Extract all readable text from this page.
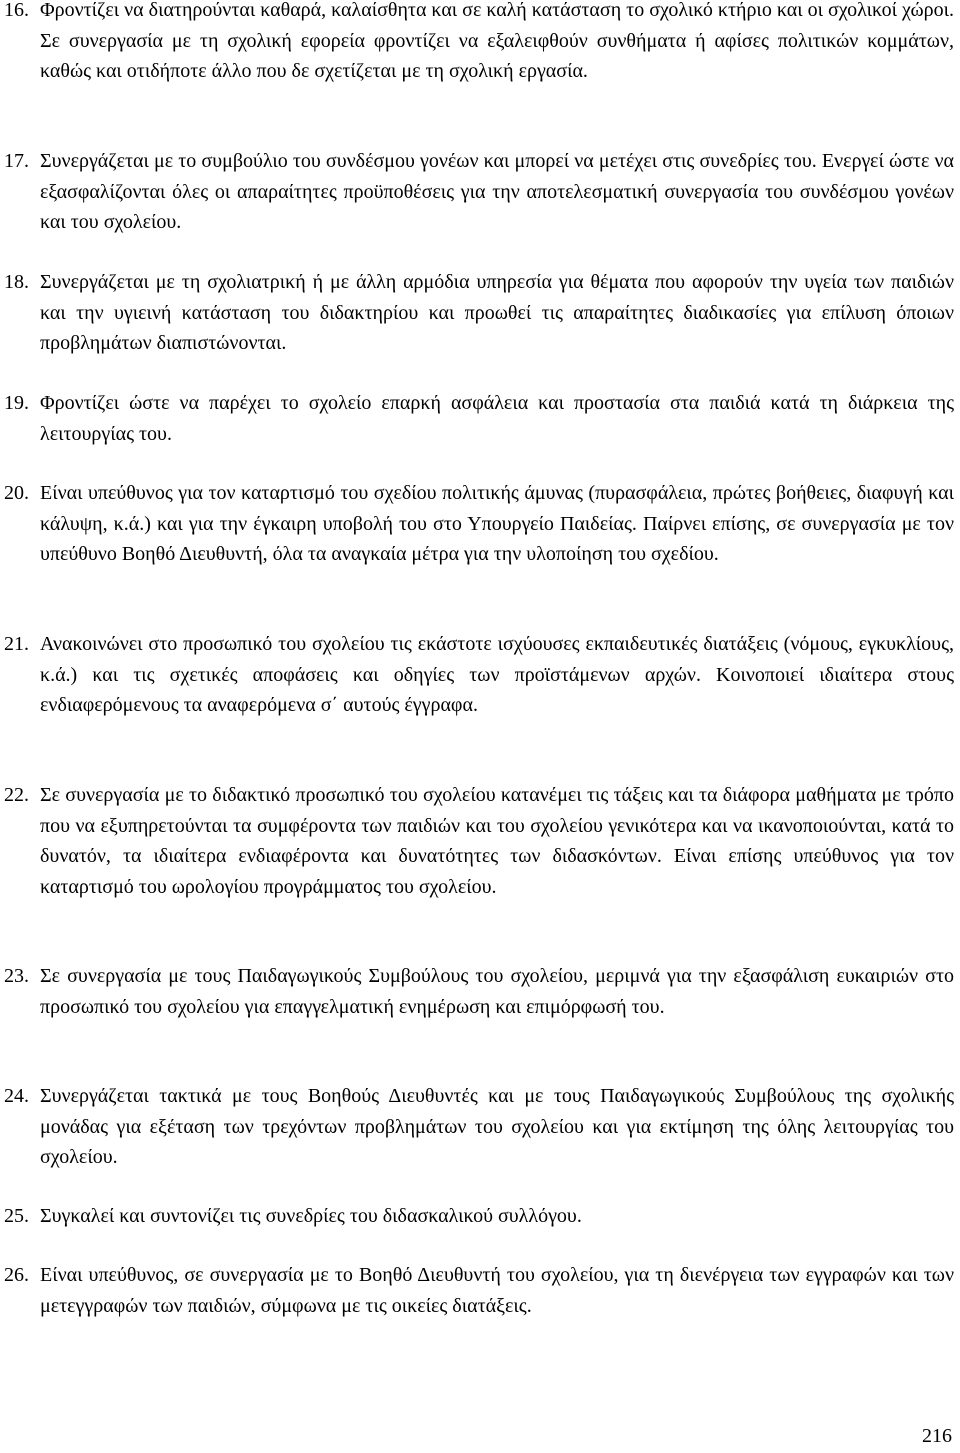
16. Φροντίζει να διατηρούνται καθαρά, καλαίσθητα και σε καλή κατάσταση το σχολικό κτήριο και οι σχολικοί χώροι. Σε συνεργασία με τη σχολική εφορεία φροντίζει να εξαλειφθούν συνθήματα ή αφίσες πολιτικών κομμάτων, καθώς και οτιδήποτε άλλο που δε σχετίζεται με τη σχολική εργασία.
17. Συνεργάζεται με το συμβούλιο του συνδέσμου γονέων και μπορεί να μετέχει στις συνεδρίες του. Ενεργεί ώστε να εξασφαλίζονται όλες οι απαραίτητες προϋποθέσεις για την αποτελεσματική συνεργασία του συνδέσμου γονέων και του σχολείου.
18. Συνεργάζεται με τη σχολιατρική ή με άλλη αρμόδια υπηρεσία για θέματα που αφορούν την υγεία των παιδιών και την υγιεινή κατάσταση του διδακτηρίου και προωθεί τις απαραίτητες διαδικασίες για επίλυση όποιων προβλημάτων διαπιστώνονται.
19. Φροντίζει ώστε να παρέχει το σχολείο επαρκή ασφάλεια και προστασία στα παιδιά κατά τη διάρκεια της λειτουργίας του.
20. Είναι υπεύθυνος για τον καταρτισμό του σχεδίου πολιτικής άμυνας (πυρασφάλεια, πρώτες βοήθειες, διαφυγή και κάλυψη, κ.ά.) και για την έγκαιρη υποβολή του στο Υπουργείο Παιδείας. Παίρνει επίσης, σε συνεργασία με τον υπεύθυνο Βοηθό Διευθυντή, όλα τα αναγκαία μέτρα για την υλοποίηση του σχεδίου.
21. Ανακοινώνει στο προσωπικό του σχολείου τις εκάστοτε ισχύουσες εκπαιδευτικές διατάξεις (νόμους, εγκυκλίους, κ.ά.) και τις σχετικές αποφάσεις και οδηγίες των προϊστάμενων αρχών. Κοινοποιεί ιδιαίτερα στους ενδιαφερόμενους τα αναφερόμενα σ΄ αυτούς έγγραφα.
22. Σε συνεργασία με το διδακτικό προσωπικό του σχολείου κατανέμει τις τάξεις και τα διάφορα μαθήματα με τρόπο που να εξυπηρετούνται τα συμφέροντα των παιδιών και του σχολείου γενικότερα και να ικανοποιούνται, κατά το δυνατόν, τα ιδιαίτερα ενδιαφέροντα και δυνατότητες των διδασκόντων. Είναι επίσης υπεύθυνος για τον καταρτισμό του ωρολογίου προγράμματος του σχολείου.
23. Σε συνεργασία με τους Παιδαγωγικούς Συμβούλους του σχολείου, μεριμνά για την εξασφάλιση ευκαιριών στο προσωπικό του σχολείου για επαγγελματική ενημέρωση και επιμόρφωσή του.
24. Συνεργάζεται τακτικά με τους Βοηθούς Διευθυντές και με τους Παιδαγωγικούς Συμβούλους της σχολικής μονάδας για εξέταση των τρεχόντων προβλημάτων του σχολείου και για εκτίμηση της όλης λειτουργίας του σχολείου.
25. Συγκαλεί και συντονίζει τις συνεδρίες του διδασκαλικού συλλόγου.
26. Είναι υπεύθυνος, σε συνεργασία με το Βοηθό Διευθυντή του σχολείου, για τη διενέργεια των εγγραφών και των μετεγγραφών των παιδιών, σύμφωνα με τις οικείες διατάξεις.
216
